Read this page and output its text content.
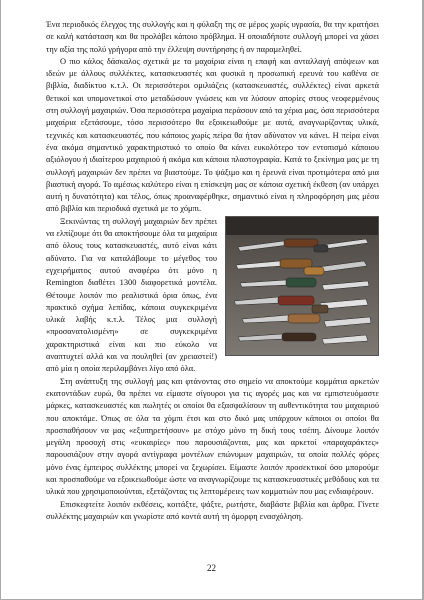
Ένα περιοδικός έλεγχος της συλλογής και η φύλαξη της σε μέρος χωρίς υγρασία, θα την κρατήσει σε καλή κατάσταση και θα προλάβει κάποιο πρόβλημα. Η οποιαδήποτε συλλογή μπορεί να χάσει την αξία της πολύ γρήγορα από την έλλειψη συντήρησης ή αν παραμεληθεί.

Ο πιο κάλος δάσκαλος σχετικά με τα μαχαίρια είναι η επαφή και ανταλλαγή απόψεων και ιδεών με άλλους συλλέκτες, κατασκευαστές και φυσικά η προσωπική ερευνά του καθένα σε βιβλία, διαδίκτυο κ.τ.λ. Οι περισσότεροι ομιλιάζεις (κατασκευαστές, συλλέκτες) είναι αρκετά θετικοί και υπομονετικοί στο μεταδώσουν γνώσεις και να λύσουν απορίες στους νεοφερμένους στη συλλογή μαχαιριών. Όσα περισσότερα μαχαίρια περάσουν από τα χέρια μας, όσα περισσότερα μαχαίρια εξετάσουμε, τόσο περισσότερο θα εξοικειωθούμε με αυτά, αναγνωρίζοντας υλικά, τεχνικές και κατασκευαστές, που κάποιος χωρίς πείρα θα ήταν αδύνατον να κάνει. Η πείρα είναι ένα ακόμα σημαντικό χαρακτηριστικό το οποίο θα κάνει ευκολότερο τον εντοπισμό κάποιου αξιόλογου ή ιδιαίτερου μαχαιριού ή ακόμα και κάποια πλαστογραφία. Κατά το ξεκίνημα μας με τη συλλογή μαχαιριών δεν πρέπει να βιαστούμε. Το ψάξιμο και η έρευνά είναι προτιμότερα από μια βιαστική αγορά. Το αμέσως καλύτερο είναι η επίσκεψη μας σε κάποια σχετική έκθεση (αν υπάρχει αυτή η δυνατότητα) και τέλος, όπως προαναφέρθηκε, σημαντικό είναι η πληροφόρηση μας μέσα από βιβλία και περιοδικά σχετικά με το χόμπι.

Ξεκινώντας τη συλλογή μαχαιριών δεν πρέπει να ελπίζουμε ότι θα αποκτήσουμε όλα τα μαχαίρια από όλους τους κατασκευαστές, αυτό είναι κάτι αδύνατο. Για να καταλάβουμε το μέγεθος του εγχειρήματος αυτού αναφέρω ότι μόνο η Remington διαθέτει 1300 διαφορετικά μοντέλα. Θέτουμε λοιπόν πιο ρεαλιστικά όρια όπως, ένα πρακτικό σχήμα λεπίδας, κάποια συγκεκριμένα υλικά λαβής κ.τ.λ. Τέλος μια συλλογή «προσανατολισμένη» σε συγκεκριμένα χαρακτηριστικά είναι και πιο εύκολο να αναπτυχτεί αλλά και να πουληθεί (αν χρειαστεί!) από μία η οποία περιλαμβάνει λίγο από όλα.

Στη ανάπτυξη της συλλογή μας και φτάνοντας στο σημείο να αποκτούμε κομμάτια αρκετών εκατοντάδων ευρώ, θα πρέπει να είμαστε σίγουροι για τις αγορές μας και να εμπιστευόμαστε μάρκες, κατασκευαστές και πωλητές οι οποίοι θα εξασφαλίσουν τη αυθεντικότητα του μαχαιριού που αποκτάμε. Όπως σε όλα τα χόμπι έτσι και στο δικό μας υπάρχουν κάποιοι οι οποίοι θα προσπαθήσουν να μας «εξυπηρετήσουν» με στόχο μόνο τη δική τους τσέπη. Δίνουμε λοιπόν μεγάλη προσοχή στις «ευκαιρίες» που παρουσιάζονται, μας και αρκετοί «παραχαράκτες» παρουσιάζουν στην αγορά αντίγραφα μοντέλων επώνυμων μαχαιριών, τα οποία πολλές φόρες μόνο ένας έμπειρος συλλέκτης μπορεί να ξεχωρίσει. Είμαστε λοιπόν προσεκτικοί όσο μπορούμε και προσπαθούμε να εξοικειωθούμε ώστε να αναγνωρίζουμε τις κατασκευαστικές μεθόδους και τα υλικά που χρησιμοποιούνται, εξετάζοντας τις λεπτομέρειες των κομματιών που μας ενδιαφέρουν.

Επισκεφτείτε λοιπόν εκθέσεις, κοιτάξτε, ψάξτε, ρωτήστε, διαβάστε βιβλία και άρθρα. Γίνετε συλλέκτης μαχαιριών και γνωρίστε από κοντά αυτή τη όμορφη ενασχόληση.

22
